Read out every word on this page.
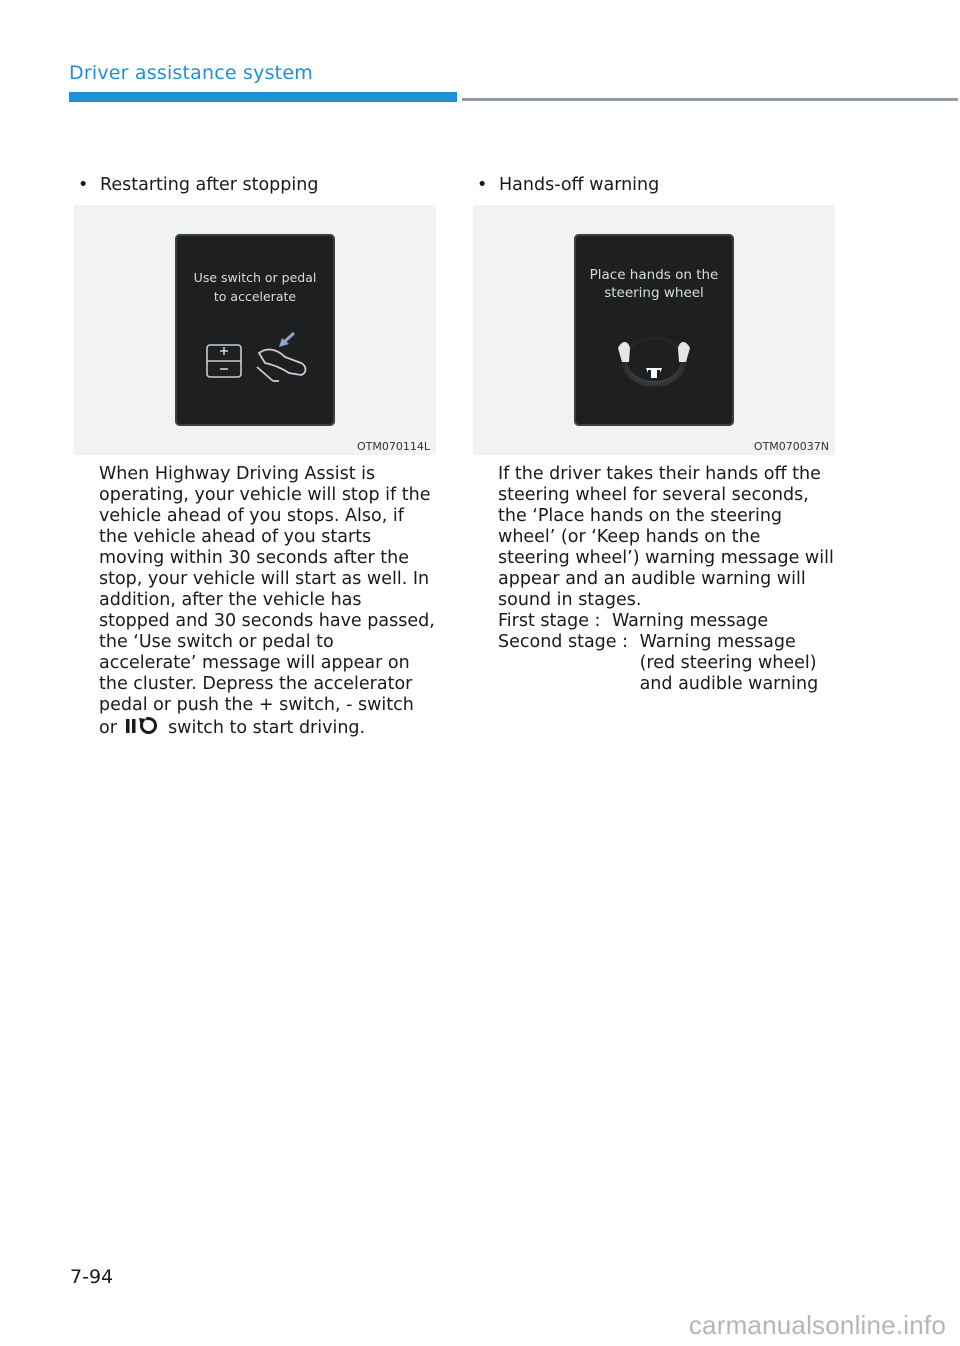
Driver assistance system
• Restarting after stopping
Use switch or pedal
to accelerate
OTM070114L
When Highway Driving Assist is operating, your vehicle will stop if the vehicle ahead of you stops. Also, if the vehicle ahead of you starts moving within 30 seconds after the stop, your vehicle will start as well. In addition, after the vehicle has stopped and 30 seconds have passed, the ‘Use switch or pedal to accelerate’ message will appear on the cluster. Depress the accelerator pedal or push the + switch, - switch or	switch to start driving.
• Hands-off warning
Place hands on the
steering wheel
OTM070037N
If the driver takes their hands off the steering wheel for several seconds, the ‘Place hands on the steering wheel’ (or ‘Keep hands on the steering wheel’) warning message will appear and an audible warning will sound in stages.
First stage : Warning message
Second stage : Warning message (red steering wheel) and audible warning
7-94
carmanualsonline.info
